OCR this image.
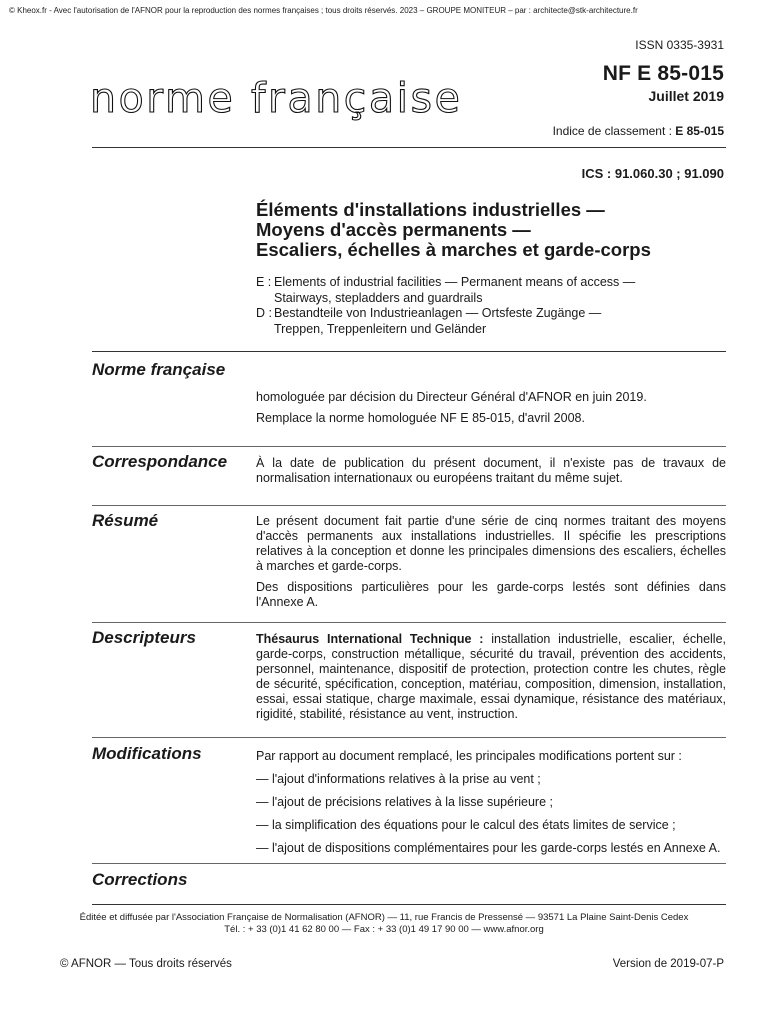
© Kheox.fr - Avec l'autorisation de l'AFNOR pour la reproduction des normes françaises ; tous droits réservés. 2023 – GROUPE MONITEUR – par : architecte@stk-architecture.fr
ISSN 0335-3931
norme française
NF E 85-015
Juillet 2019
Indice de classement : E 85-015
ICS : 91.060.30 ; 91.090
Éléments d'installations industrielles —
Moyens d'accès permanents —
Escaliers, échelles à marches et garde-corps
E : Elements of industrial facilities — Permanent means of access —
Stairways, stepladders and guardrails
D : Bestandteile von Industrieanlagen — Ortsfeste Zugänge —
Treppen, Treppenleitern und Geländer
Norme française
homologuée par décision du Directeur Général d'AFNOR en juin 2019.
Remplace la norme homologuée NF E 85-015, d'avril 2008.
Correspondance À la date de publication du présent document, il n'existe pas de travaux de normalisation internationaux ou européens traitant du même sujet.
Résumé	Le présent document fait partie d'une série de cinq normes traitant des moyens d'accès permanents aux installations industrielles. Il spécifie les prescriptions relatives à la conception et donne les principales dimensions des escaliers, échelles à marches et garde-corps.
Des dispositions particulières pour les garde-corps lestés sont définies dans l'Annexe A.
Descripteurs	Thésaurus International Technique : installation industrielle, escalier, échelle, garde-corps, construction métallique, sécurité du travail, prévention des accidents, personnel, maintenance, dispositif de protection, protection contre les chutes, règle de sécurité, spécification, conception, matériau, composition, dimension, installation, essai, essai statique, charge maximale, essai dynamique, résistance des matériaux, rigidité, stabilité, résistance au vent, instruction.
Modifications	Par rapport au document remplacé, les principales modifications portent sur :
— l'ajout d'informations relatives à la prise au vent ;
— l'ajout de précisions relatives à la lisse supérieure ;
— la simplification des équations pour le calcul des états limites de service ;
— l'ajout de dispositions complémentaires pour les garde-corps lestés en Annexe A.
Corrections
Éditée et diffusée par l'Association Française de Normalisation (AFNOR) — 11, rue Francis de Pressensé — 93571 La Plaine Saint-Denis Cedex
Tél. : + 33 (0)1 41 62 80 00 — Fax : + 33 (0)1 49 17 90 00 — www.afnor.org
© AFNOR — Tous droits réservés	Version de 2019-07-P
